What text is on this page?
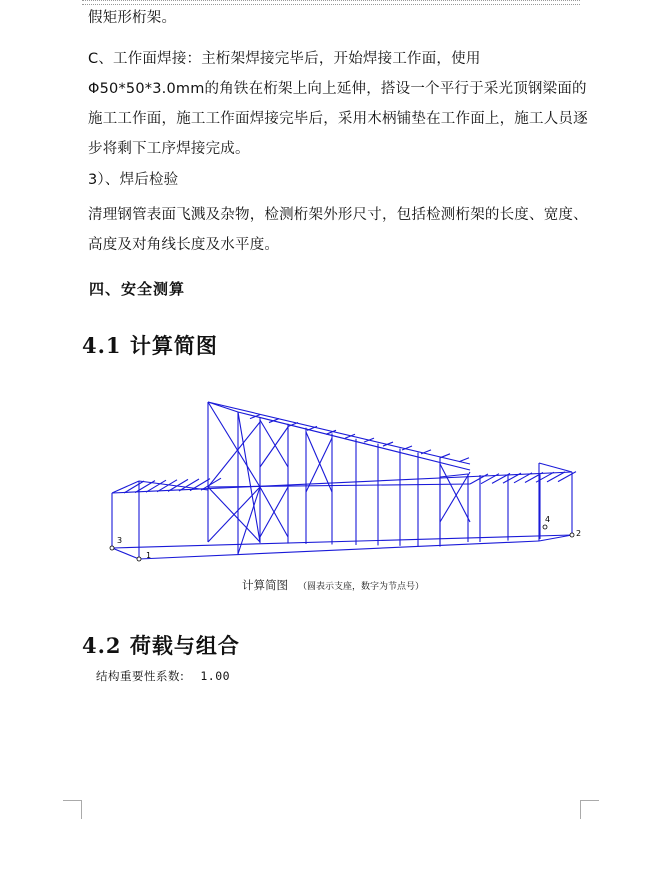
假矩形桁架。

C、工作面焊接：主桁架焊接完毕后，开始焊接工作面，使用Φ50*50*3.0mm的角铁在桁架上向上延伸，搭设一个平行于采光顶钢梁面的施工工作面，施工工作面焊接完毕后，采用木柄铺垫在工作面上，施工人员逐步将剩下工序焊接完成。

3）、焊后检验

清理钢管表面飞溅及杂物，检测桁架外形尺寸，包括检测桁架的长度、宽度、高度及对角线长度及水平度。

四、安全测算
4.1 计算简图
3
1
4
2
计算简图 （圆表示支座，数字为节点号）
4.2 荷载与组合
结构重要性系数: 1.00
